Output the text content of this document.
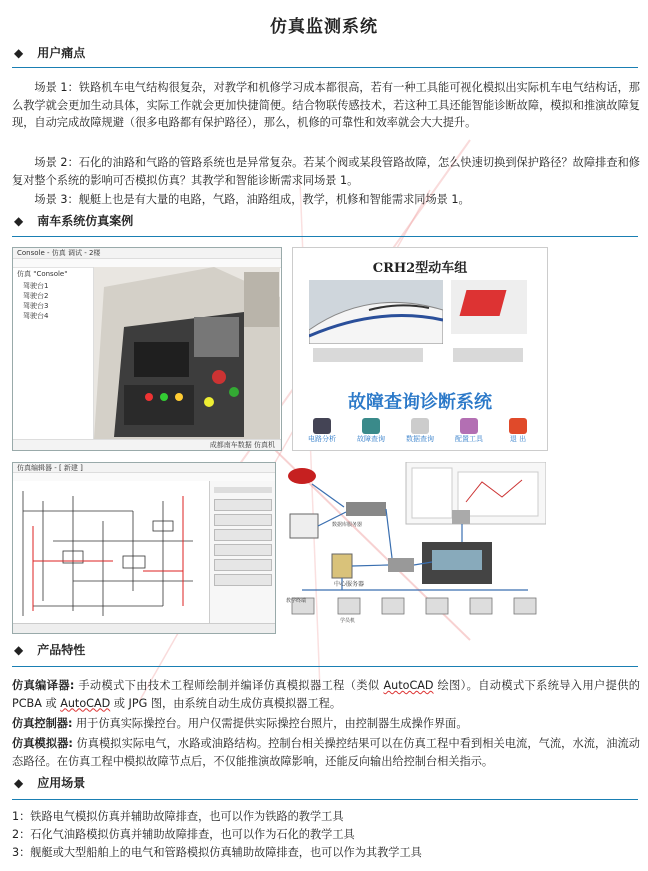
仿真监测系统
◆ 用户痛点
场景 1：铁路机车电气结构很复杂，对教学和机修学习成本都很高，若有一种工具能可视化模拟出实际机车电气结构话，那么教学就会更加生动具体，实际工作就会更加快捷简便。结合物联传感技术，若这种工具还能智能诊断故障，模拟和推演故障复现，自动完成故障规避（很多电路都有保护路径），那么，机修的可靠性和效率就会大大提升。
场景 2：石化的油路和气路的管路系统也是异常复杂。若某个阀或某段管路故障，怎么快速切换到保护路径？故障排查和修复对整个系统的影响可否模拟仿真？其教学和智能诊断需求同场景 1。
场景 3：舰艇上也是有大量的电路，气路，油路组成，教学，机修和智能需求同场景 1。
◆ 南车系统仿真案例
Console - 仿真 调试 - 2楼
仿真 "Console"
驾驶台1
驾驶台2
驾驶台3
驾驶台4
成都南车数据 仿真机
CRH2型动车组
故障查询诊断系统
电路分析	故障查询	数据查询	配置工具	退 出
仿真编辑器 - [ 新建 ]
中心服务器
数据库服务器
教学终端
学员机
◆ 产品特性
仿真编译器: 手动模式下由技术工程师绘制并编译仿真模拟器工程（类似 AutoCAD 绘图）。自动模式下系统导入用户提供的 PCBA 或 AutoCAD 或 JPG 图，由系统自动生成仿真模拟器工程。
仿真控制器: 用于仿真实际操控台。用户仅需提供实际操控台照片，由控制器生成操作界面。
仿真模拟器: 仿真模拟实际电气，水路或油路结构。控制台相关操控结果可以在仿真工程中看到相关电流，气流，水流，油流动态路径。在仿真工程中模拟故障节点后，不仅能推演故障影响，还能反向输出给控制台相关指示。
◆ 应用场景
1：铁路电气模拟仿真并辅助故障排查，也可以作为铁路的教学工具
2：石化气油路模拟仿真并辅助故障排查，也可以作为石化的教学工具
3：舰艇或大型船舶上的电气和管路模拟仿真辅助故障排查，也可以作为其教学工具
